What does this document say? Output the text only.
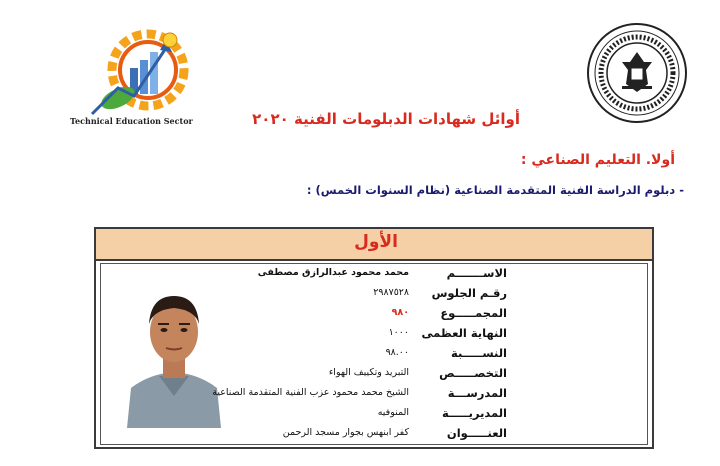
Technical Education Sector	أوائل شهادات الدبلومات الفنية ٢٠٢٠
أولا. التعليم الصناعي :
- دبلوم الدراسة الفنية المتقدمة الصناعية (نظام السنوات الخمس) :
الأول
الاســـــــم
محمد محمود عبدالرازق مصطفى
رقـم الجلوس
٢٩٨٧٥٢٨
المجمـــــوع
٩٨٠
النهاية العظمى
١٠٠٠
النســـــبة
٩٨.٠٠
التخصـــــص
التبريد وتكييف الهواء
المدرســـة
الشيخ محمد محمود عزب الفنية المتقدمة الصناعية
المديريـــــة
المنوفيه
العنـــــوان
كفر ابنهس بجوار مسجد الرحمن
